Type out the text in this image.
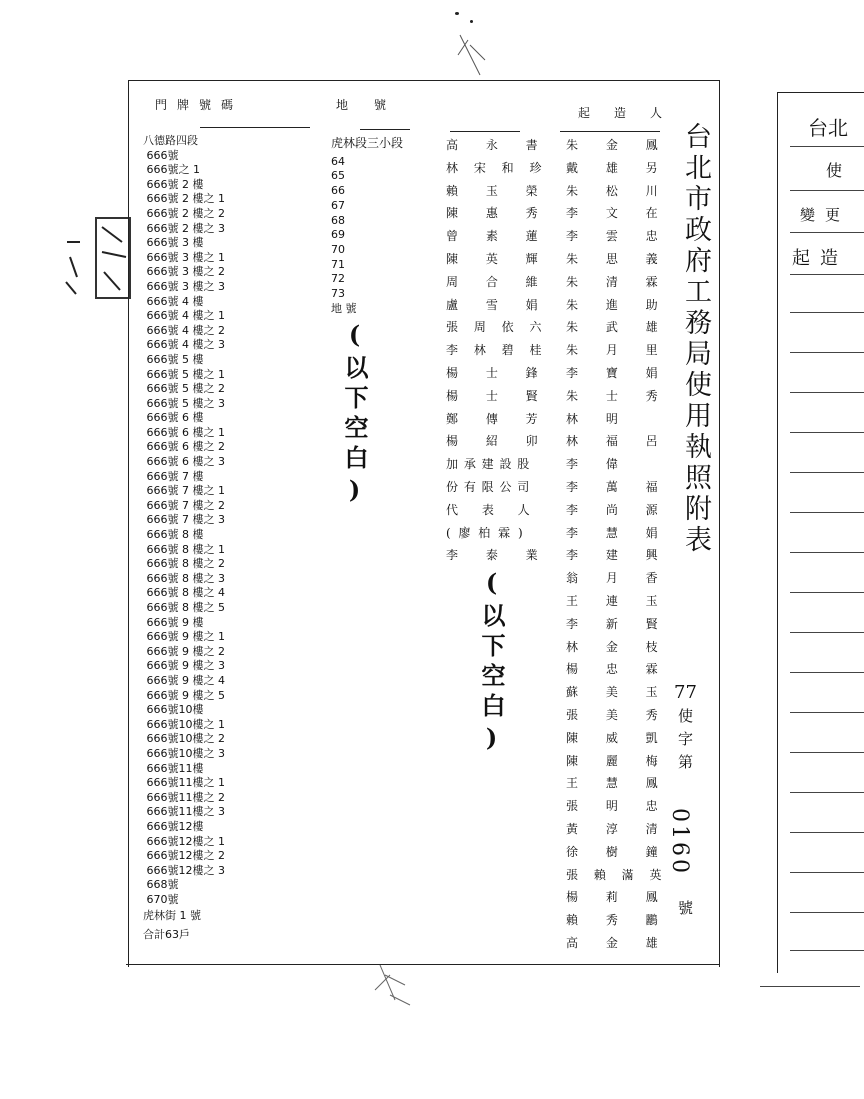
門牌號碼	地號
起造人
八德路四段
666號
666號之 1
666號 2 樓
666號 2 樓之 1
666號 2 樓之 2
666號 2 樓之 3
666號 3 樓
666號 3 樓之 1
666號 3 樓之 2
666號 3 樓之 3
666號 4 樓
666號 4 樓之 1
666號 4 樓之 2
666號 4 樓之 3
666號 5 樓
666號 5 樓之 1
666號 5 樓之 2
666號 5 樓之 3
666號 6 樓
666號 6 樓之 1
666號 6 樓之 2
666號 6 樓之 3
666號 7 樓
666號 7 樓之 1
666號 7 樓之 2
666號 7 樓之 3
666號 8 樓
666號 8 樓之 1
666號 8 樓之 2
666號 8 樓之 3
666號 8 樓之 4
666號 8 樓之 5
666號 9 樓
666號 9 樓之 1
666號 9 樓之 2
666號 9 樓之 3
666號 9 樓之 4
666號 9 樓之 5
666號10樓
666號10樓之 1
666號10樓之 2
666號10樓之 3
666號11樓
666號11樓之 1
666號11樓之 2
666號11樓之 3
666號12樓
666號12樓之 1
666號12樓之 2
666號12樓之 3
668號
670號
虎林街 1 號
合計63戶
虎林段三小段
64
65
66
67
68
69
70
71
72
73
地 號
(以下空白)
高 永 書
林 宋 和 珍
賴 玉 榮
陳 惠 秀
曾 素 蓮
陳 英 輝
周 合 維
盧 雪 娟
張 周 依 六
李 林 碧 桂
楊 士 鋒
楊 士 賢
鄭 傳 芳
楊 紹 卯
加 承 建 設 股
份 有 限 公 司
代 表 人
( 廖 柏 霖 )
李 泰 業
(以下空白)
朱 金 鳳
戴 雄 另
朱 松 川
李 文 在
李 雲 忠
朱 思 義
朱 清 霖
朱 進 助
朱 武 雄
朱 月 里
李 寶 娟
朱 士 秀
林 明
林 福 呂
李 偉
李 萬 福
李 尚 源
李 慧 娟
李 建 興
翁 月 香
王 連 玉
李 新 賢
林 金 枝
楊 忠 霖
蘇 美 玉
張 美 秀
陳 威 凱
陳 麗 梅
王 慧 鳳
張 明 忠
黃 淳 清
徐 樹 鐘
張 賴 滿 英
楊 莉 鳳
賴 秀 鸝
高 金 雄
台北市政府工務局使用執照附表
77
使字第
0160
號
台北
使
變更
起造
